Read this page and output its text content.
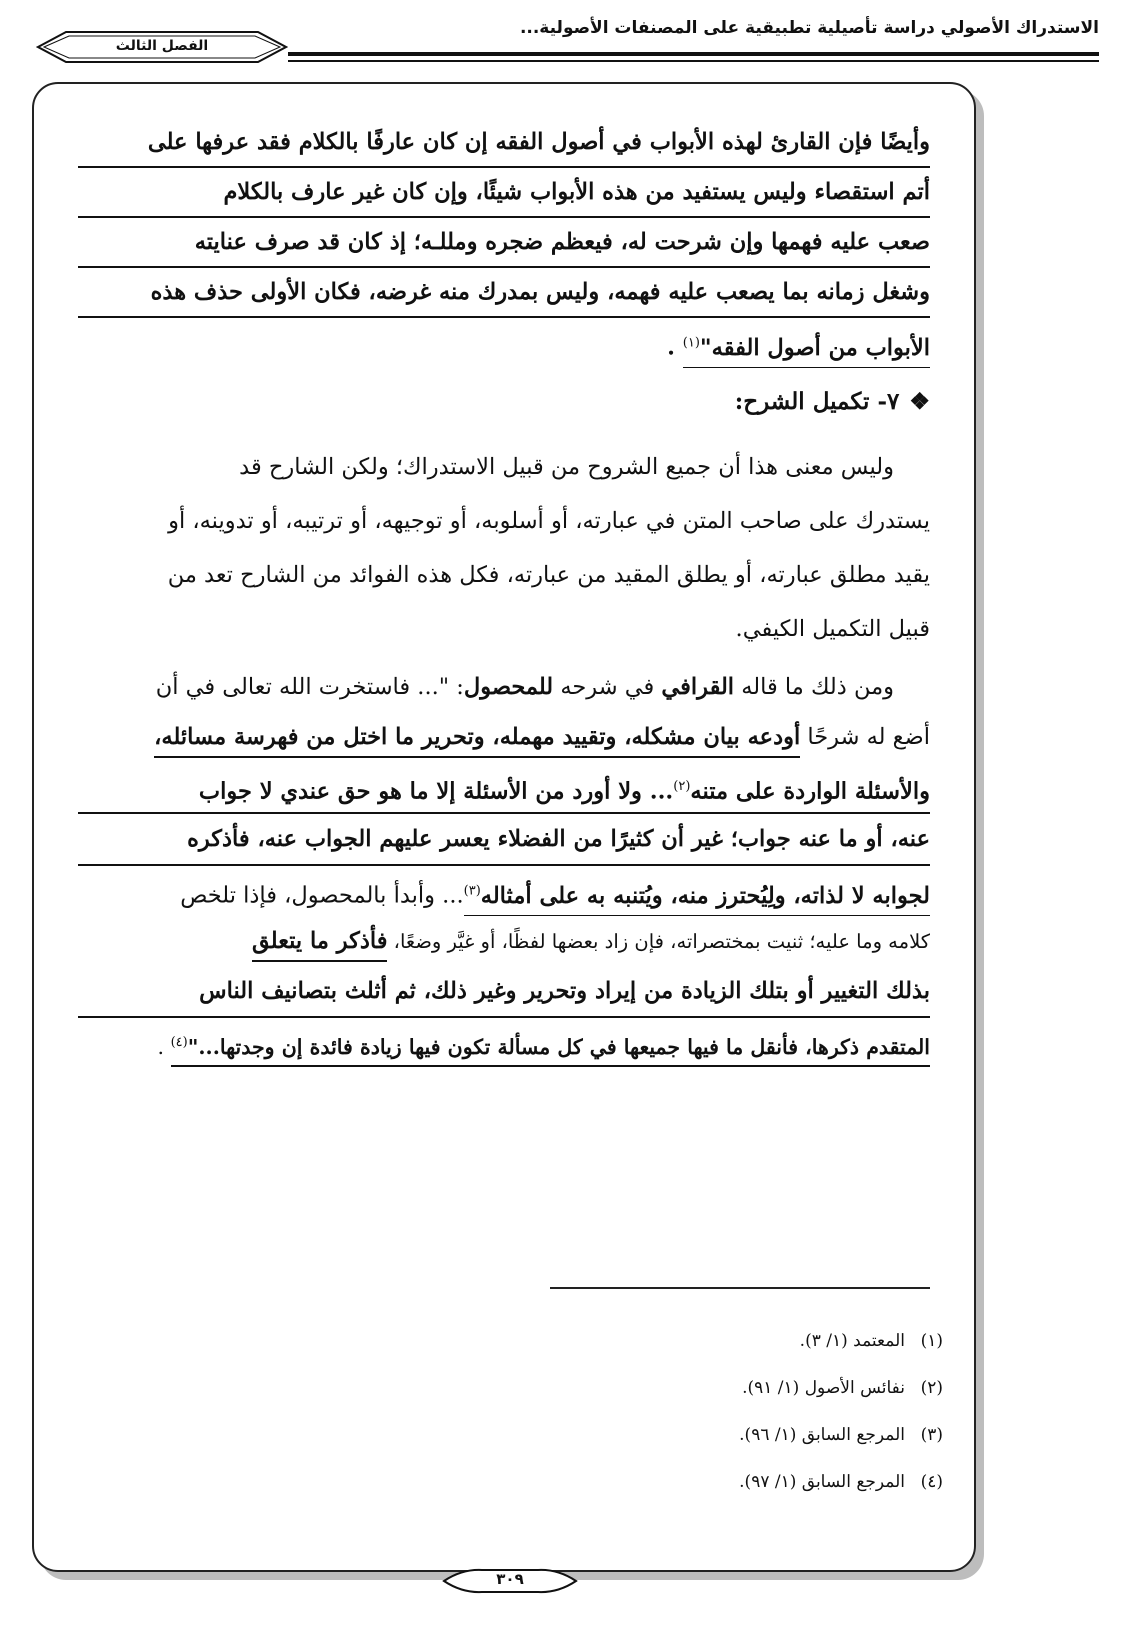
الاستدراك الأصولي دراسة تأصيلية تطبيقية على المصنفات الأصولية...
الفصل الثالث
وأيضًا فإن القارئ لهذه الأبواب في أصول الفقه إن كان عارفًا بالكلام فقد عرفها على
أتم استقصاء وليس يستفيد من هذه الأبواب شيئًا، وإن كان غير عارف بالكلام
صعب عليه فهمها وإن شرحت له، فيعظم ضجره ومللـه؛ إذ كان قد صرف عنايته
وشغل زمانه بما يصعب عليه فهمه، وليس بمدرك منه غرضه، فكان الأولى حذف هذه
الأبواب من أصول الفقه"$^{(١)}$ .
❖٧- تكميل الشرح:
وليس معنى هذا أن جميع الشروح من قبيل الاستدراك؛ ولكن الشارح قد
يستدرك على صاحب المتن في عبارته، أو أسلوبه، أو توجيهه، أو ترتيبه، أو تدوينه، أو
يقيد مطلق عبارته، أو يطلق المقيد من عبارته، فكل هذه الفوائد من الشارح تعد من
قبيل التكميل الكيفي.
ومن ذلك ما قاله القرافي في شرحه للمحصول: "... فاستخرت الله تعالى في أن
أضع له شرحًا أودعه بيان مشكله، وتقييد مهمله، وتحرير ما اختل من فهرسة مسائله،
والأسئلة الواردة على متنه$^{(٢)}$... ولا أورد من الأسئلة إلا ما هو حق عندي لا جواب
عنه، أو ما عنه جواب؛ غير أن كثيرًا من الفضلاء يعسر عليهم الجواب عنه، فأذكره
لجوابه لا لذاته، ولِيُحترز منه، ويُتنبه به على أمثاله$^{(٣)}$... وأبدأ بالمحصول، فإذا تلخص
كلامه وما عليه؛ ثنيت بمختصراته، فإن زاد بعضها لفظًا، أو غيَّر وضعًا، فأذكر ما يتعلق
بذلك التغيير أو بتلك الزيادة من إيراد وتحرير وغير ذلك، ثم أثلث بتصانيف الناس
المتقدم ذكرها، فأنقل ما فيها جميعها في كل مسألة تكون فيها زيادة فائدة إن وجدتها..."$^{(٤)}$ .
(١)المعتمد (١/ ٣).
(٢)نفائس الأصول (١/ ٩١).
(٣)المرجع السابق (١/ ٩٦).
(٤)المرجع السابق (١/ ٩٧).
٣٠٩
